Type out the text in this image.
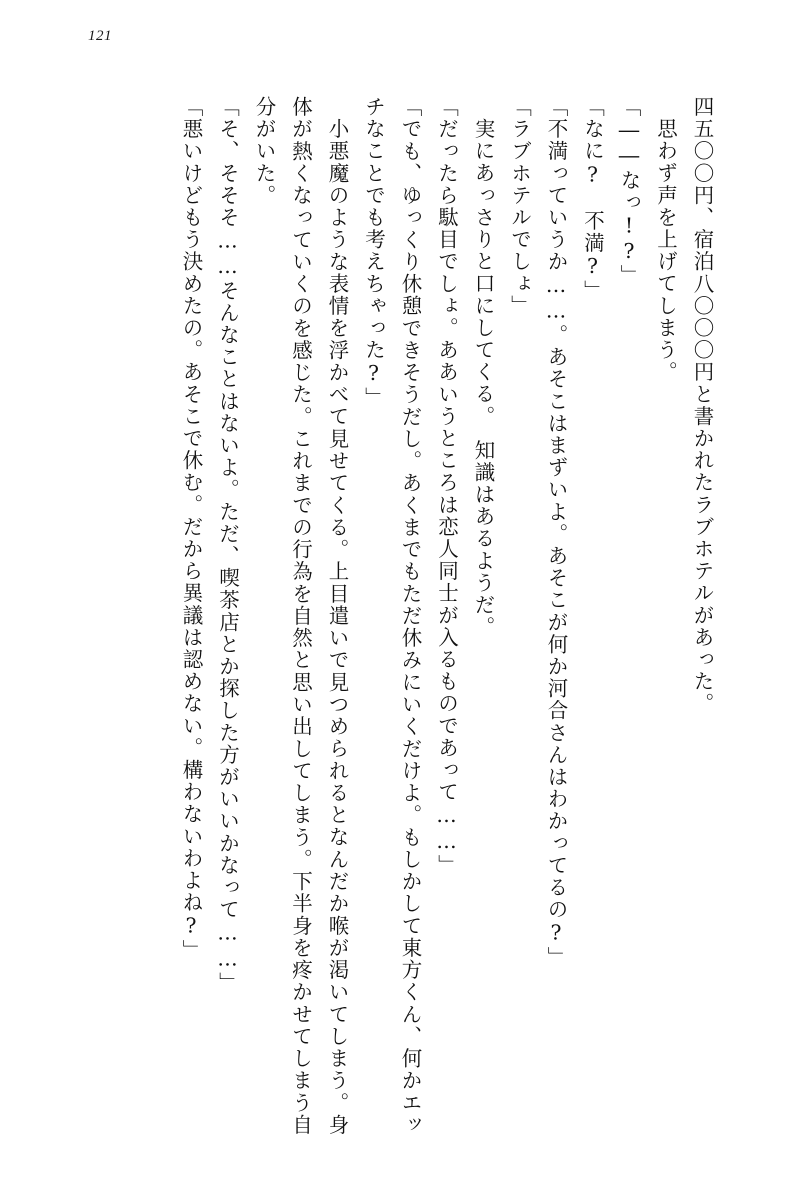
121

四五〇〇円、宿泊八〇〇〇円と書かれたラブホテルがあった。

思わず声を上げてしまう。

「――なっ!?」

「なに?　不満?」

「不満っていうか……。あそこはまずいよ。あそこが何か河合さんはわかってるの?」

「ラブホテルでしょ」

実にあっさりと口にしてくる。　知識はあるようだ。

「だったら駄目でしょ。ああいうところは恋人同士が入るものであって……」

「でも、ゆっくり休憩できそうだし。あくまでもただ休みにいくだけよ。もしかして東方くん、何かエッチなことでも考えちゃった?」

小悪魔のような表情を浮かべて見せてくる。上目遣いで見つめられるとなんだか喉が渇いてしまう。身体が熱くなっていくのを感じた。これまでの行為を自然と思い出してしまう。下半身を疼かせてしまう自分がいた。

「そ、そそそ……そんなことはないよ。ただ、喫茶店とか探した方がいいかなって……」

「悪いけどもう決めたの。あそこで休む。だから異議は認めない。構わないわよね?」
